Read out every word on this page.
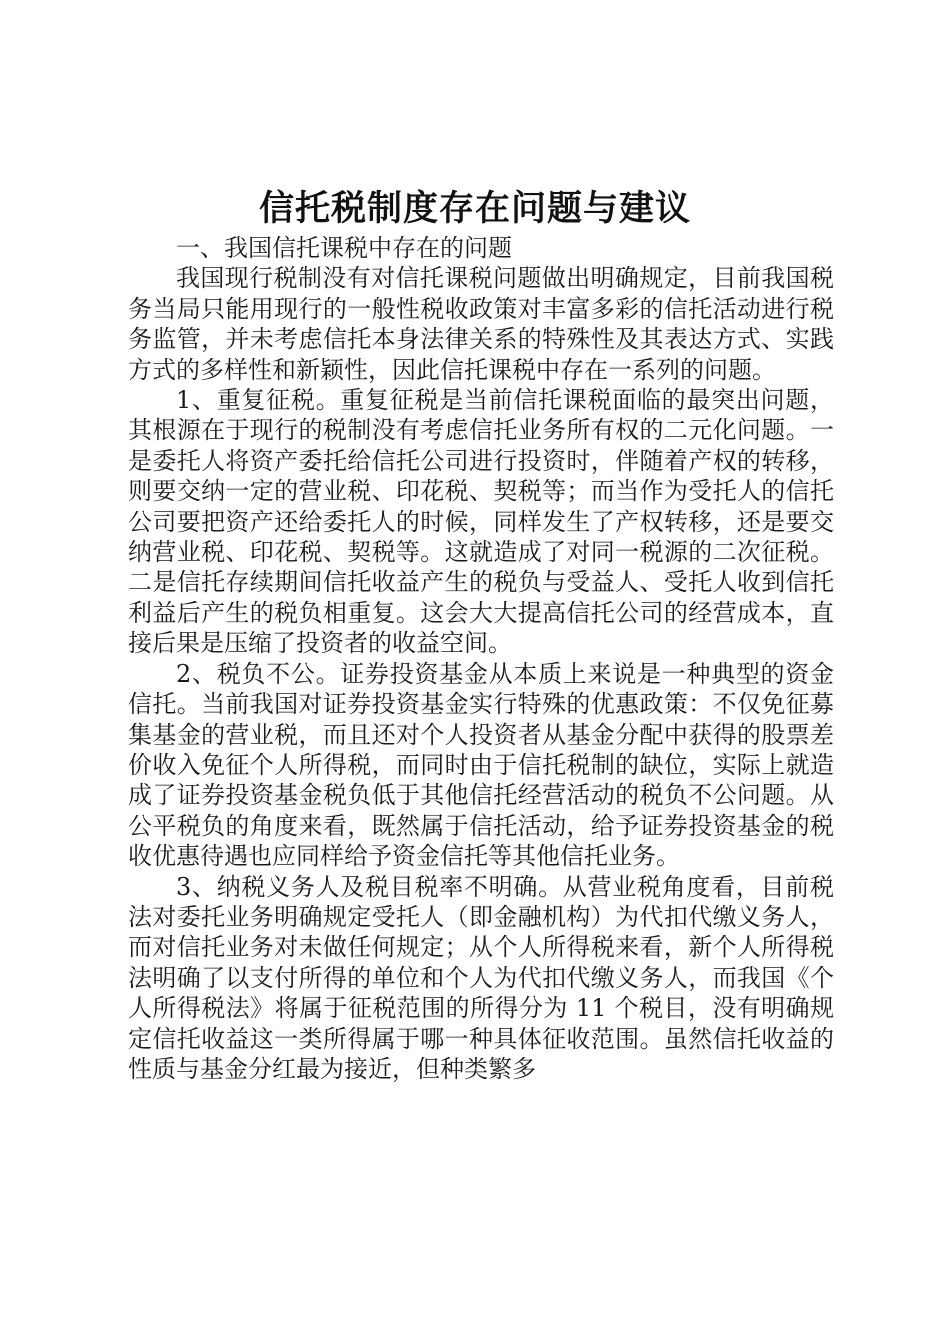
信托税制度存在问题与建议

一、我国信托课税中存在的问题

我国现行税制没有对信托课税问题做出明确规定，目前我国税务当局只能用现行的一般性税收政策对丰富多彩的信托活动进行税务监管，并未考虑信托本身法律关系的特殊性及其表达方式、实践方式的多样性和新颖性，因此信托课税中存在一系列的问题。

1、重复征税。重复征税是当前信托课税面临的最突出问题，其根源在于现行的税制没有考虑信托业务所有权的二元化问题。一是委托人将资产委托给信托公司进行投资时，伴随着产权的转移，则要交纳一定的营业税、印花税、契税等；而当作为受托人的信托公司要把资产还给委托人的时候，同样发生了产权转移，还是要交纳营业税、印花税、契税等。这就造成了对同一税源的二次征税。二是信托存续期间信托收益产生的税负与受益人、受托人收到信托利益后产生的税负相重复。这会大大提高信托公司的经营成本，直接后果是压缩了投资者的收益空间。

2、税负不公。证券投资基金从本质上来说是一种典型的资金信托。当前我国对证券投资基金实行特殊的优惠政策：不仅免征募集基金的营业税，而且还对个人投资者从基金分配中获得的股票差价收入免征个人所得税，而同时由于信托税制的缺位，实际上就造成了证券投资基金税负低于其他信托经营活动的税负不公问题。从公平税负的角度来看，既然属于信托活动，给予证券投资基金的税收优惠待遇也应同样给予资金信托等其他信托业务。

3、纳税义务人及税目税率不明确。从营业税角度看，目前税法对委托业务明确规定受托人（即金融机构）为代扣代缴义务人，而对信托业务对未做任何规定；从个人所得税来看，新个人所得税法明确了以支付所得的单位和个人为代扣代缴义务人，而我国《个人所得税法》将属于征税范围的所得分为 11 个税目，没有明确规定信托收益这一类所得属于哪一种具体征收范围。虽然信托收益的性质与基金分红最为接近，但种类繁多
